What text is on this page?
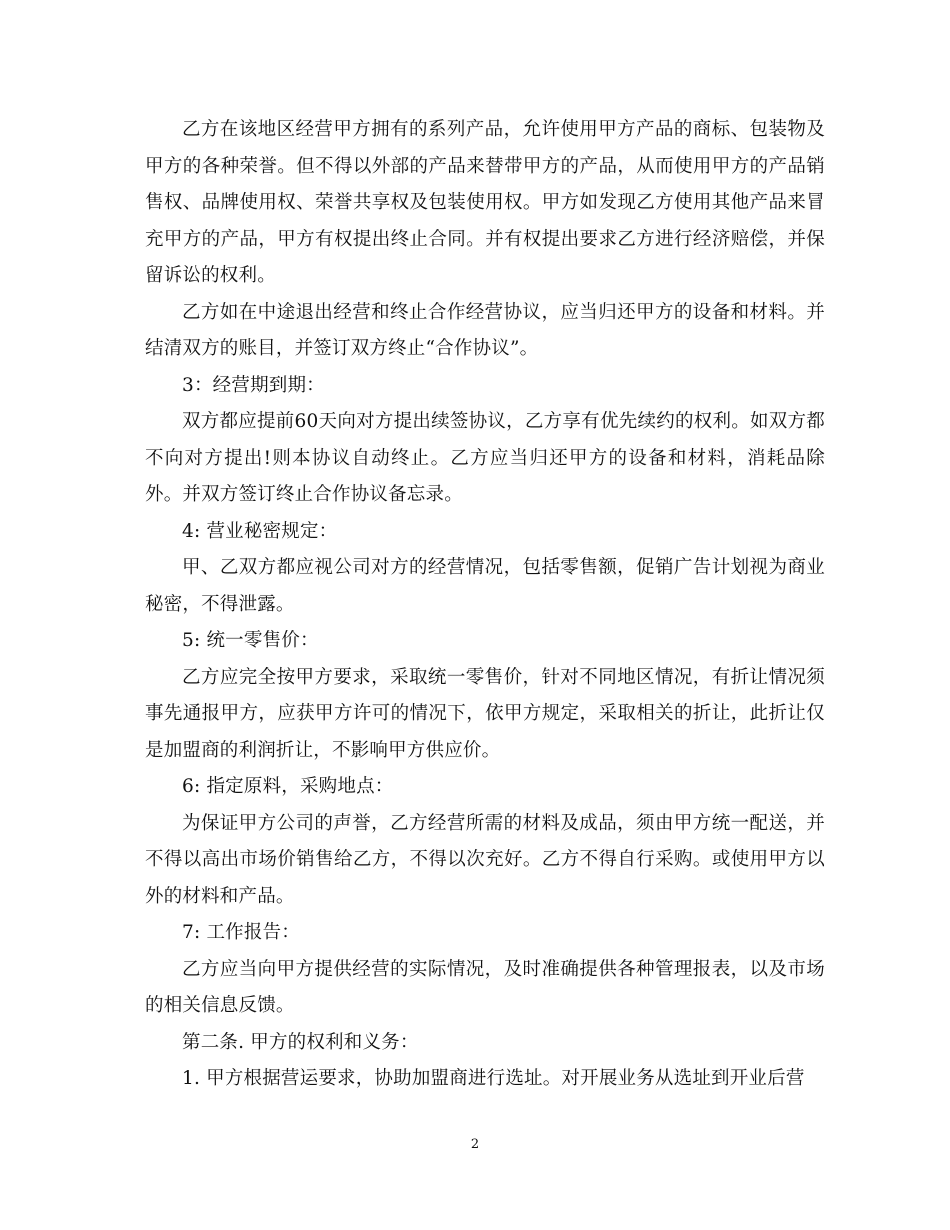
乙方在该地区经营甲方拥有的系列产品，允许使用甲方产品的商标、包装物及甲方的各种荣誉。但不得以外部的产品来替带甲方的产品，从而使用甲方的产品销售权、品牌使用权、荣誉共享权及包装使用权。甲方如发现乙方使用其他产品来冒充甲方的产品，甲方有权提出终止合同。并有权提出要求乙方进行经济赔偿，并保留诉讼的权利。

乙方如在中途退出经营和终止合作经营协议，应当归还甲方的设备和材料。并结清双方的账目，并签订双方终止“合作协议”。

3：经营期到期：

双方都应提前60天向对方提出续签协议，乙方享有优先续约的权利。如双方都不向对方提出!则本协议自动终止。乙方应当归还甲方的设备和材料，消耗品除外。并双方签订终止合作协议备忘录。

4: 营业秘密规定：

甲、乙双方都应视公司对方的经营情况，包括零售额，促销广告计划视为商业秘密，不得泄露。

5: 统一零售价：

乙方应完全按甲方要求，采取统一零售价，针对不同地区情况，有折让情况须事先通报甲方，应获甲方许可的情况下，依甲方规定，采取相关的折让，此折让仅是加盟商的利润折让，不影响甲方供应价。

6: 指定原料，采购地点：

为保证甲方公司的声誉，乙方经营所需的材料及成品，须由甲方统一配送，并不得以高出市场价销售给乙方，不得以次充好。乙方不得自行采购。或使用甲方以外的材料和产品。

7: 工作报告：

乙方应当向甲方提供经营的实际情况，及时准确提供各种管理报表，以及市场的相关信息反馈。

第二条. 甲方的权利和义务：

1. 甲方根据营运要求，协助加盟商进行选址。对开展业务从选址到开业后营

2
